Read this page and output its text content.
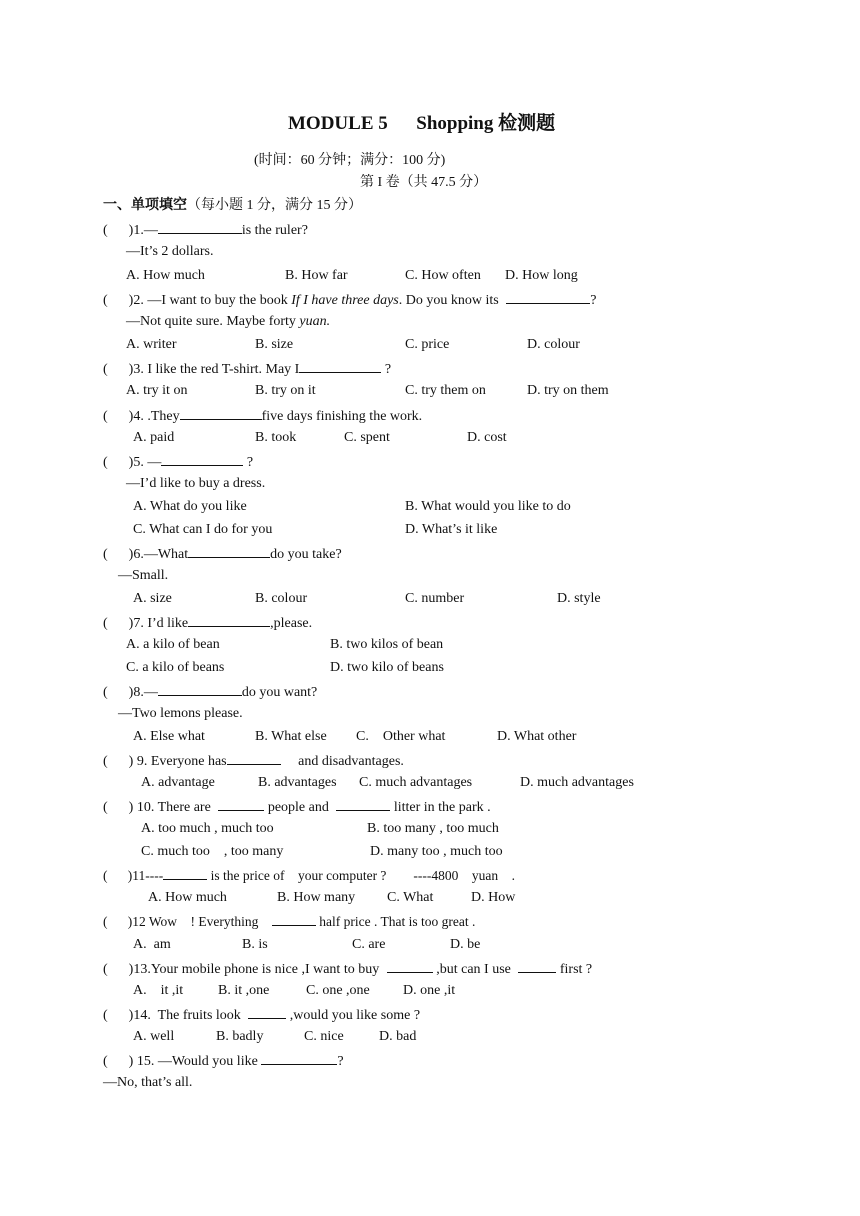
MODULE 5      Shopping 检测题
(时间：60 分钟；满分：100 分)
第 I 卷（共 47.5 分）
一、单项填空（每小题 1 分，满分 15 分）
(      )1.—	is the ruler?
—It’s 2 dollars.
A. How much	B. How far	C. How often D. How long
(      )2. —I want to buy the book If I have three days. Do you know its	?
—Not quite sure. Maybe forty yuan.
A. writer	B. size	C. price	D. colour
(      )3. I like the red T-shirt. May I	?
A. try it on	B. try on it	C. try them on	D. try on them
(      )4. .They	five days finishing the work.
A. paid	B. took	C. spent	D. cost
(      )5. —	?
—I’d like to buy a dress.
A. What do you like	B. What would you like to do
C. What can I do for you	D. What’s it like
(      )6.—What	do you take?
—Small.
A. size	B. colour	C. number	D. style
(      )7. I’d like	,please.
A. a kilo of bean	B. two kilos of bean
C. a kilo of beans	D. two kilo of beans
(      )8.—	do you want?
—Two lemons please.
A. Else what	B. What else C.    Other what	D. What other
(      ) 9. Everyone has	and disadvantages.
A. advantage	B. advantages C. much advantages	D. much advantages
(      ) 10. There are	people and	litter in the park .
A. too much , much too	B. too many , too much
C. much too    , too many	D. many too , much too
(      )11----	is the price of    your computer ?        ----4800    yuan    .
A. How much	B. How many C. What	D. How
(      )12 Wow    ! Everything	half price . That is too great .
A.  am	B. is	C. are	D. be
(      )13.Your mobile phone is nice ,I want to buy	,but can I use	first ?
A.    it ,it B. it ,one	C. one ,one D. one ,it
(      )14.  The fruits look	,would you like some ?
A. well	B. badly	C. nice	D. bad
(      ) 15. —Would you like	?
—No, that’s all.
